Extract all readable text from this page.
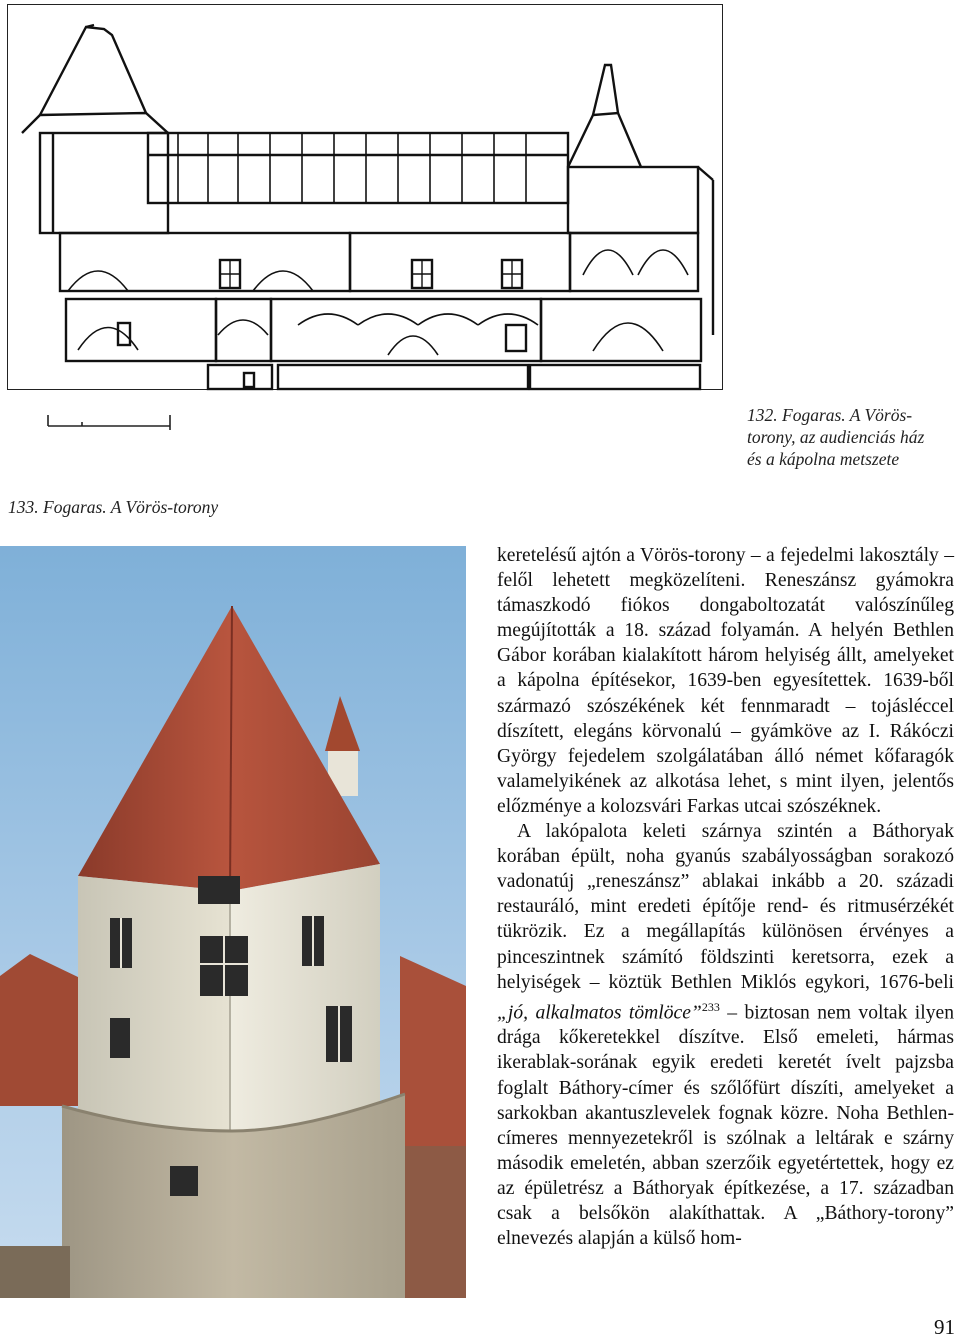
132. Fogaras. A Vörös-
torony, az audienciás ház
és a kápolna metszete
133. Fogaras. A Vörös-torony

keretelésű ajtón a Vörös-torony – a fejedelmi lakosztály – felől lehetett megközelíteni. Reneszánsz gyámokra támaszkodó fiókos dongaboltozatát valószínűleg megújították a 18. század folyamán. A helyén Bethlen Gábor korában kialakított három helyiség állt, amelyeket a kápolna építésekor, 1639-ben egyesítettek. 1639-ből származó szószékének két fennmaradt – tojásléccel díszített, elegáns körvonalú – gyámköve az I. Rákóczi György fejedelem szolgálatában álló német kőfaragók valamelyikének az alkotása lehet, s mint ilyen, jelentős előzménye a kolozsvári Farkas utcai szószéknek.

A lakópalota keleti szárnya szintén a Báthoryak korában épült, noha gyanús szabályosságban sorakozó vadonatúj „reneszánsz” ablakai inkább a 20. századi restauráló, mint eredeti építője rend- és ritmusérzékét tükrözik. Ez a megállapítás különösen érvényes a pinceszintnek számító földszinti keretsorra, ezek a helyiségek – köztük Bethlen Miklós egykori, 1676-beli „jó, alkalmatos tömlöce”$^{233}$ – biztosan nem voltak ilyen drága kőkeretekkel díszítve. Első emeleti, hármas ikerablak-sorának egyik eredeti keretét ívelt pajzsba foglalt Báthory-címer és szőlőfürt díszíti, amelyeket a sarkokban akantuszlevelek fognak közre. Noha Bethlen-címeres mennyezetekről is szólnak a leltárak e szárny második emeletén, abban szerzőik egyetértettek, hogy ez az épületrész a Báthoryak építkezése, a 17. században csak a belsőkön alakíthattak. A „Báthory-torony” elnevezés alapján a külső hom-

91
